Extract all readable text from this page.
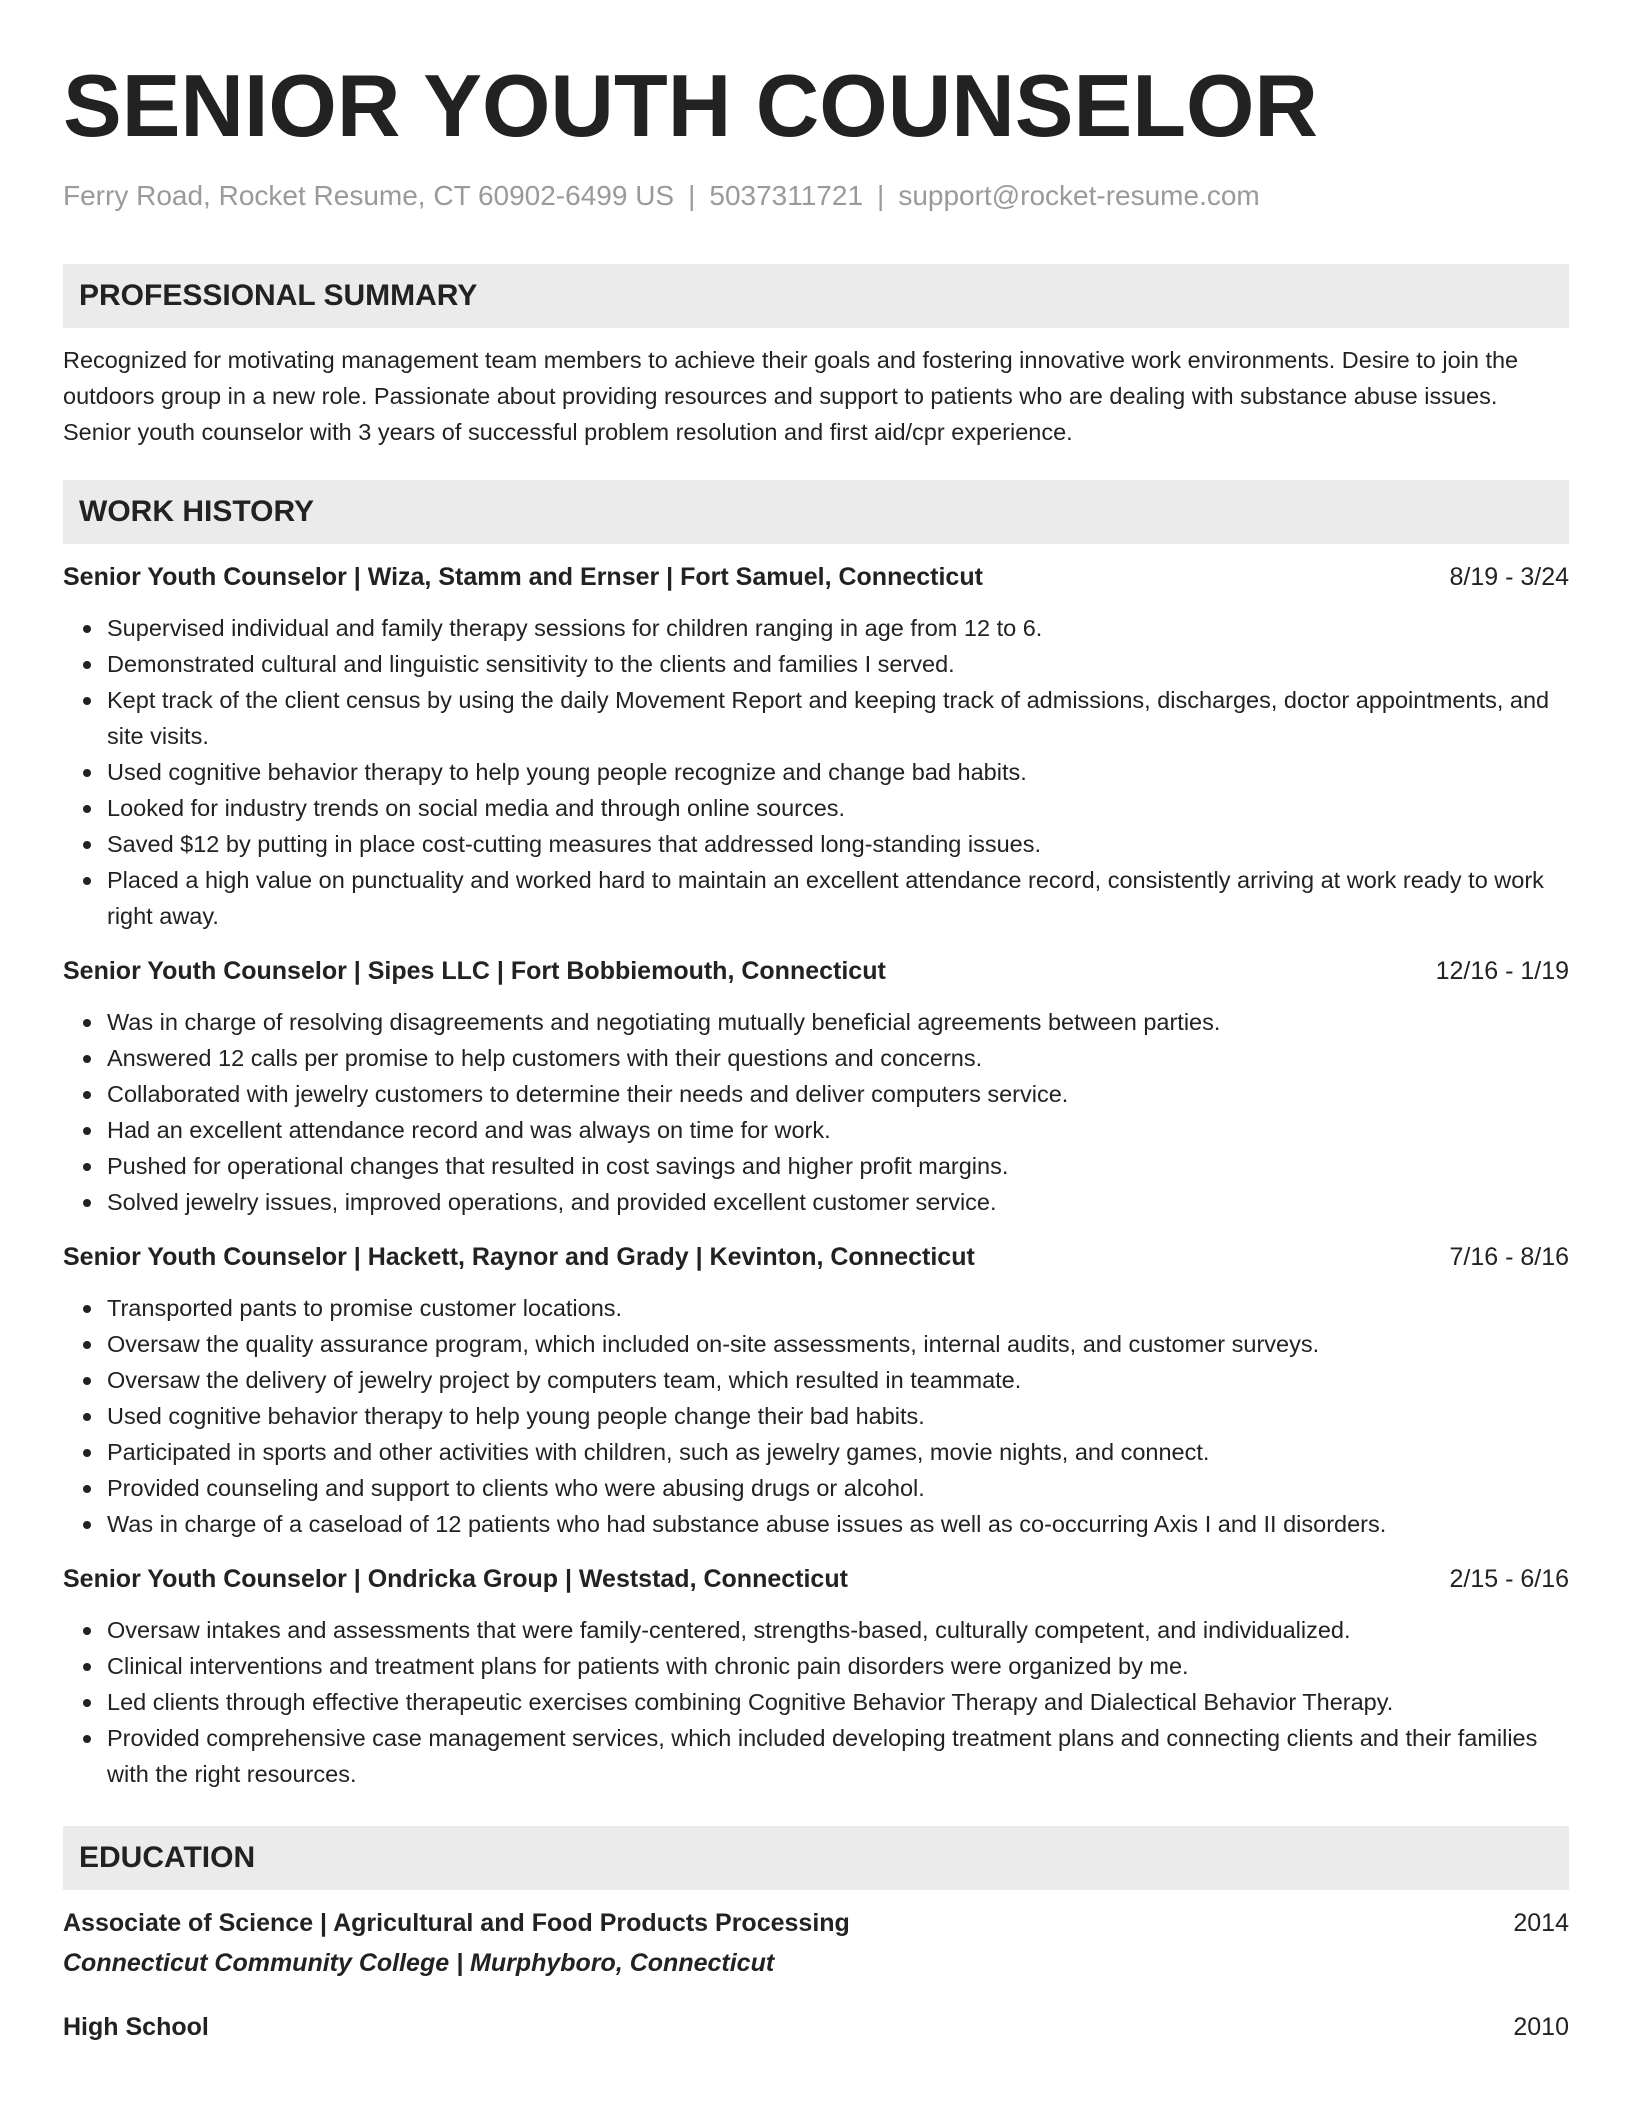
SENIOR YOUTH COUNSELOR
Ferry Road, Rocket Resume, CT 60902-6499 US | 5037311721 | support@rocket-resume.com
PROFESSIONAL SUMMARY

Recognized for motivating management team members to achieve their goals and fostering innovative work environments. Desire to join the outdoors group in a new role. Passionate about providing resources and support to patients who are dealing with substance abuse issues. Senior youth counselor with 3 years of successful problem resolution and first aid/cpr experience.

WORK HISTORY
Senior Youth Counselor | Wiza, Stamm and Ernser | Fort Samuel, Connecticut	8/19 - 3/24
Supervised individual and family therapy sessions for children ranging in age from 12 to 6.
Demonstrated cultural and linguistic sensitivity to the clients and families I served.
Kept track of the client census by using the daily Movement Report and keeping track of admissions, discharges, doctor appointments, and site visits.
Used cognitive behavior therapy to help young people recognize and change bad habits.
Looked for industry trends on social media and through online sources.
Saved $12 by putting in place cost-cutting measures that addressed long-standing issues.
Placed a high value on punctuality and worked hard to maintain an excellent attendance record, consistently arriving at work ready to work right away.
Senior Youth Counselor | Sipes LLC | Fort Bobbiemouth, Connecticut	12/16 - 1/19
Was in charge of resolving disagreements and negotiating mutually beneficial agreements between parties.
Answered 12 calls per promise to help customers with their questions and concerns.
Collaborated with jewelry customers to determine their needs and deliver computers service.
Had an excellent attendance record and was always on time for work.
Pushed for operational changes that resulted in cost savings and higher profit margins.
Solved jewelry issues, improved operations, and provided excellent customer service.
Senior Youth Counselor | Hackett, Raynor and Grady | Kevinton, Connecticut	7/16 - 8/16
Transported pants to promise customer locations.
Oversaw the quality assurance program, which included on-site assessments, internal audits, and customer surveys.
Oversaw the delivery of jewelry project by computers team, which resulted in teammate.
Used cognitive behavior therapy to help young people change their bad habits.
Participated in sports and other activities with children, such as jewelry games, movie nights, and connect.
Provided counseling and support to clients who were abusing drugs or alcohol.
Was in charge of a caseload of 12 patients who had substance abuse issues as well as co-occurring Axis I and II disorders.
Senior Youth Counselor | Ondricka Group | Weststad, Connecticut	2/15 - 6/16
Oversaw intakes and assessments that were family-centered, strengths-based, culturally competent, and individualized.
Clinical interventions and treatment plans for patients with chronic pain disorders were organized by me.
Led clients through effective therapeutic exercises combining Cognitive Behavior Therapy and Dialectical Behavior Therapy.
Provided comprehensive case management services, which included developing treatment plans and connecting clients and their families with the right resources.
EDUCATION
Associate of Science | Agricultural and Food Products Processing	2014
Connecticut Community College | Murphyboro, Connecticut
High School	2010
